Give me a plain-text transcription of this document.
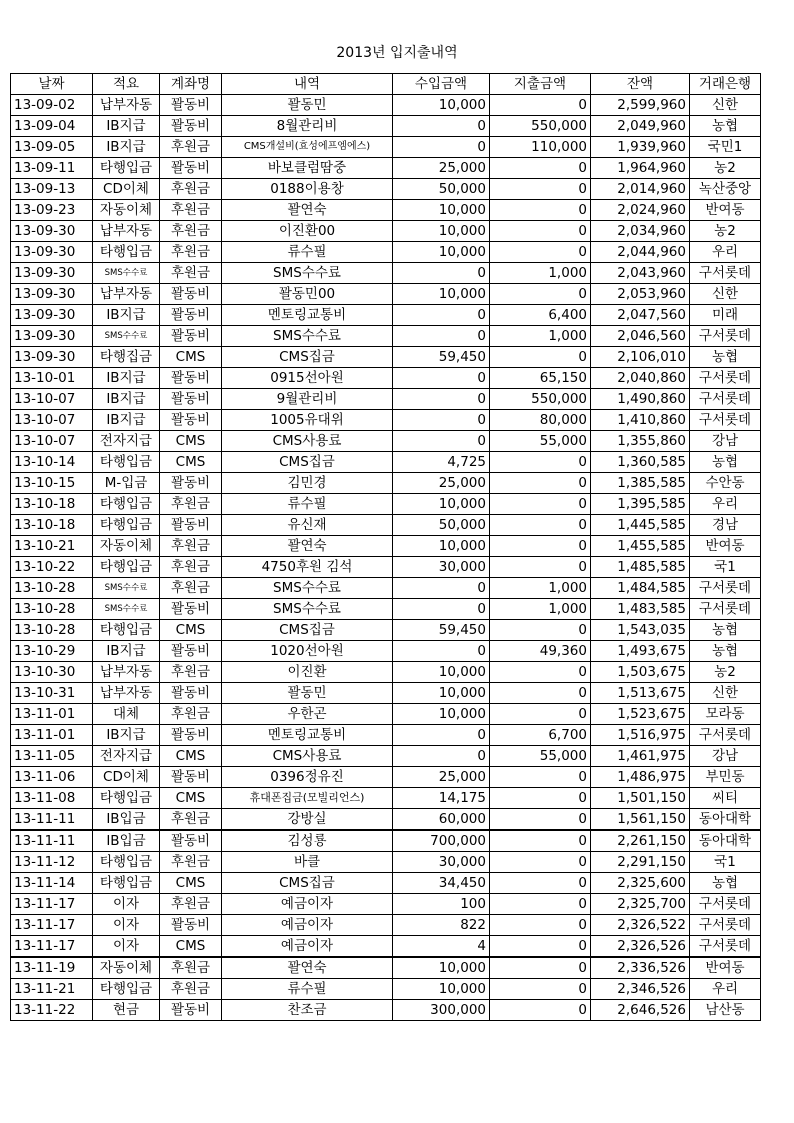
2013년 입지출내역
날짜	적요	계좌명	내역	수입금액	지출금액	잔액	거래은행
13-09-02	납부자동	꽐동비	꽐동민	10,000	0	2,599,960	신한
13-09-04	IB지급	꽐동비	8월관리비	0	550,000	2,049,960	농협
13-09-05	IB지급	후원금	CMS개설비(효성에프엠에스)	0	110,000	1,939,960	국민1
13-09-11	타행입금	꽐동비	바보클럼땀중	25,000	0	1,964,960	농2
13-09-13	CD이체	후원금	0188이용창	50,000	0	2,014,960	녹산중앙
13-09-23	자동이체	후원금	꽐연숙	10,000	0	2,024,960	반여동
13-09-30	납부자동	후원금	이진환00	10,000	0	2,034,960	농2
13-09-30	타행입금	후원금	류수필	10,000	0	2,044,960	우리
13-09-30	SMS수수료	후원금	SMS수수료	0	1,000	2,043,960	구서롯데
13-09-30	납부자동	꽐동비	꽐동민00	10,000	0	2,053,960	신한
13-09-30	IB지급	꽐동비	멘토링교통비	0	6,400	2,047,560	미래
13-09-30	SMS수수료	꽐동비	SMS수수료	0	1,000	2,046,560	구서롯데
13-09-30	타행집금	CMS	CMS집금	59,450	0	2,106,010	농협
13-10-01	IB지급	꽐동비	0915선아원	0	65,150	2,040,860	구서롯데
13-10-07	IB지급	꽐동비	9월관리비	0	550,000	1,490,860	구서롯데
13-10-07	IB지급	꽐동비	1005유대위	0	80,000	1,410,860	구서롯데
13-10-07	전자지급	CMS	CMS사용료	0	55,000	1,355,860	강남
13-10-14	타행입금	CMS	CMS집금	4,725	0	1,360,585	농협
13-10-15	M-입금	꽐동비	김민경	25,000	0	1,385,585	수안동
13-10-18	타행입금	후원금	류수필	10,000	0	1,395,585	우리
13-10-18	타행입금	꽐동비	유신재	50,000	0	1,445,585	경남
13-10-21	자동이체	후원금	꽐연숙	10,000	0	1,455,585	반여동
13-10-22	타행입금	후원금	4750후원 김석	30,000	0	1,485,585	국1
13-10-28	SMS수수료	후원금	SMS수수료	0	1,000	1,484,585	구서롯데
13-10-28	SMS수수료	꽐동비	SMS수수료	0	1,000	1,483,585	구서롯데
13-10-28	타행입금	CMS	CMS집금	59,450	0	1,543,035	농협
13-10-29	IB지급	꽐동비	1020선아원	0	49,360	1,493,675	농협
13-10-30	납부자동	후원금	이진환	10,000	0	1,503,675	농2
13-10-31	납부자동	꽐동비	꽐동민	10,000	0	1,513,675	신한
13-11-01	대체	후원금	우한곤	10,000	0	1,523,675	모라동
13-11-01	IB지급	꽐동비	멘토링교통비	0	6,700	1,516,975	구서롯데
13-11-05	전자지급	CMS	CMS사용료	0	55,000	1,461,975	강남
13-11-06	CD이체	꽐동비	0396정유진	25,000	0	1,486,975	부민동
13-11-08	타행입금	CMS	휴대폰집금(모빌리언스)	14,175	0	1,501,150	씨티
13-11-11	IB입금	후원금	강방실	60,000	0	1,561,150	동아대학
13-11-11	IB입금	꽐동비	김성룡	700,000	0	2,261,150	동아대학
13-11-12	타행입금	후원금	바클	30,000	0	2,291,150	국1
13-11-14	타행입금	CMS	CMS집금	34,450	0	2,325,600	농협
13-11-17	이자	후원금	예금이자	100	0	2,325,700	구서롯데
13-11-17	이자	꽐동비	예금이자	822	0	2,326,522	구서롯데
13-11-17	이자	CMS	예금이자	4	0	2,326,526	구서롯데
13-11-19	자동이체	후원금	꽐연숙	10,000	0	2,336,526	반여동
13-11-21	타행입금	후원금	류수필	10,000	0	2,346,526	우리
13-11-22	현금	꽐동비	찬조금	300,000	0	2,646,526	남산동
